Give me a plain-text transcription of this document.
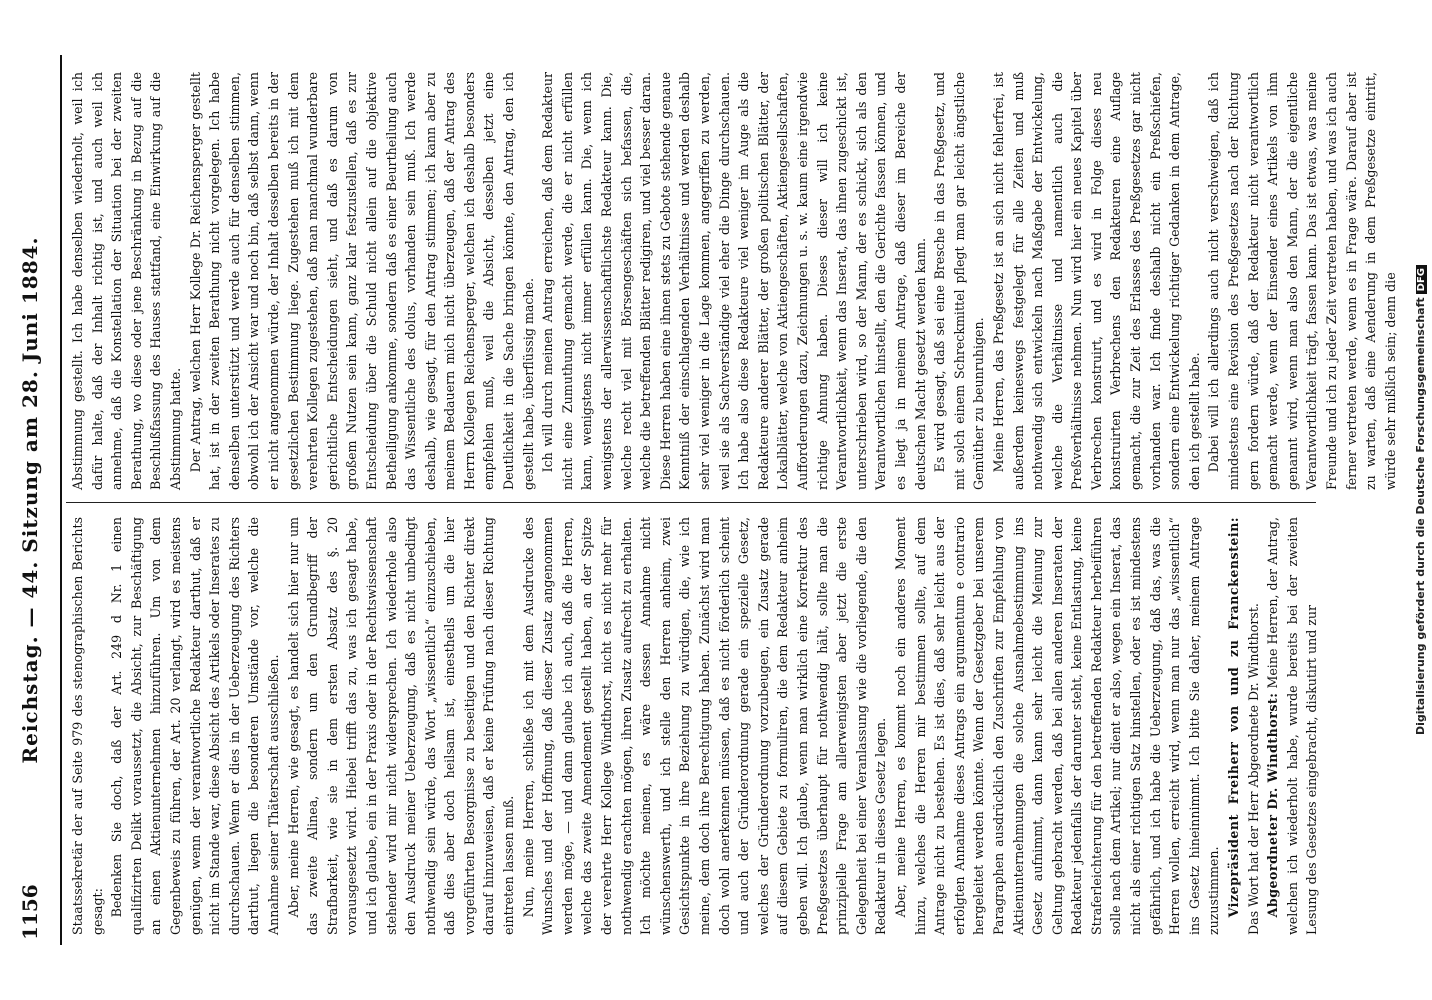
1156
Reichstag. — 44. Sitzung am 28. Juni 1884. Staatssekretär der auf Seite 979 des stenographischen Berichts gesagt: Bedenken Sie doch, daß der Art. 249 d Nr. 1 einen qualifizirten Delikt voraussetzt, die Absicht, zur Beschäftigung an einen Aktienunternehmen hinzuführen. Um von dem Gegenbeweis zu führen, der Art. 20 verlangt, wird es meistens genügen, wenn der verantwortliche Redakteur darthut, daß er nicht im Stande war, diese Absicht des Artikels oder Inserates zu durchschauen. Wenn er dies in der Ueberzeugung des Richters darthut, liegen die besonderen Umstände vor, welche die Annahme seiner Thäterschaft ausschließen. Aber, meine Herren, wie gesagt, es handelt sich hier nur um das zweite Alinea, sondern um den Grundbegriff der Strafbarkeit, wie sie in dem ersten Absatz des §. 20 vorausgesetzt wird. Hiebei trifft das zu, was ich gesagt habe, und ich glaube, ein in der Praxis oder in der Rechtswissenschaft stehender wird mir nicht widersprechen. Ich wiederhole also den Ausdruck meiner Ueberzeugung, daß es nicht unbedingt nothwendig sein würde, das Wort „wissentlich“ einzuschieben, daß dies aber doch heilsam ist, einestheils um die hier vorgeführten Besorgnisse zu beseitigen und den Richter direkt darauf hinzuweisen, daß er keine Prüfung nach dieser Richtung eintreten lassen muß. Nun, meine Herren, schließe ich mit dem Ausdrucke des Wunsches und der Hoffnung, daß dieser Zusatz angenommen werden möge, — und dann glaube ich auch, daß die Herren, welche das zweite Amendement gestellt haben, an der Spitze der verehrte Herr Kollege Windthorst, nicht es nicht mehr für nothwendig erachten mögen, ihren Zusatz aufrecht zu erhalten. Ich möchte meinen, es wäre dessen Annahme nicht wünschenswerth, und ich stelle den Herren anheim, zwei Gesichtspunkte in ihre Beziehung zu würdigen, die, wie ich meine, dem doch ihre Berechtigung haben. Zunächst wird man doch wohl anerkennen müssen, daß es nicht förderlich scheint und auch der Gründerordnung gerade ein spezielle Gesetz, welches der Gründerordnung vorzubeugen, ein Zusatz gerade auf diesem Gebiete zu formuliren, die dem Redakteur anheim geben will. Ich glaube, wenn man wirklich eine Korrektur des Preßgesetzes überhaupt für nothwendig hält, sollte man die prinzipielle Frage am allerwenigsten aber jetzt die erste Gelegenheit bei einer Veranlassung wie die vorliegende, die den Redakteur in dieses Gesetz legen. Aber, meine Herren, es kommt noch ein anderes Moment hinzu, welches die Herren mir bestimmen sollte, auf dem Antrage nicht zu bestehen. Es ist dies, daß sehr leicht aus der erfolgten Annahme dieses Antrags ein argumentum e contrario hergeleitet werden könnte. Wenn der Gesetzgeber bei unserem Paragraphen ausdrücklich den Zuschriften zur Empfehlung von Aktienunternehmungen die solche Ausnahmebestimmung ins Gesetz aufnimmt, dann kann sehr leicht die Meinung zur Geltung gebracht werden, daß bei allen anderen Inseraten der Redakteur jedenfalls der darunter steht, keine Entlastung, keine Straferleichterung für den betreffenden Redakteur herbeiführen solle nach dem Artikel; nur dient er also, wegen ein Inserat, das nicht als einer richtigen Satz hinstellen, oder es ist mindestens gefährlich, und ich habe die Ueberzeugung, daß das, was die Herren wollen, erreicht wird, wenn man nur das „wissentlich“ ins Gesetz hineinnimmt. Ich bitte Sie daher, meinem Antrage zuzustimmen. Vizepräsident Freiherr von und zu Franckenstein: Das Wort hat der Herr Abgeordnete Dr. Windthorst. Abgeordneter Dr. Windthorst: Meine Herren, der Antrag, welchen ich wiederholt habe, wurde bereits bei der zweiten Lesung des Gesetzes eingebracht, diskutirt und zur

Abstimmung gestellt. Ich habe denselben wiederholt, weil ich dafür halte, daß der Inhalt richtig ist, und auch weil ich annehme, daß die Konstellation der Situation bei der zweiten Berathung, wo diese oder jene Beschränkung in Bezug auf die Beschlußfassung des Hauses stattfand, eine Einwirkung auf die Abstimmung hatte. Der Antrag, welchen Herr Kollege Dr. Reichensperger gestellt hat, ist in der zweiten Berathung nicht vorgelegen. Ich habe denselben unterstützt und werde auch für denselben stimmen, obwohl ich der Ansicht war und noch bin, daß selbst dann, wenn er nicht angenommen würde, der Inhalt desselben bereits in der gesetzlichen Bestimmung liege. Zugestehen muß ich mit dem verehrten Kollegen zugestehen, daß man manchmal wunderbare gerichtliche Entscheidungen sieht, und daß es darum von großem Nutzen sein kann, ganz klar festzustellen, daß es zur Entscheidung über die Schuld nicht allein auf die objektive Betheiligung ankomme, sondern daß es einer Beurtheilung auch das Wissentliche des dolus, vorhanden sein muß. Ich werde deshalb, wie gesagt, für den Antrag stimmen; ich kann aber zu meinem Bedauern mich nicht überzeugen, daß der Antrag des Herrn Kollegen Reichensperger, welchen ich deshalb besonders empfehlen muß, weil die Absicht, desselben jetzt eine Deutlichkeit in die Sache bringen könnte, den Antrag, den ich gestellt habe, überflüssig mache. Ich will durch meinen Antrag erreichen, daß dem Redakteur nicht eine Zumuthung gemacht werde, die er nicht erfüllen kann, wenigstens nicht immer erfüllen kann. Die, wenn ich wenigstens der allerwissenschaftlichste Redakteur kann. Die, welche recht viel mit Börsengeschäften sich befassen, die, welche die betreffenden Blätter redigiren, und viel besser daran. Diese Herren haben eine ihnen stets zu Gebote stehende genaue Kenntniß der einschlagenden Verhältnisse und werden deshalb sehr viel weniger in die Lage kommen, angegriffen zu werden, weil sie als Sachverständige viel eher die Dinge durchschauen. Ich habe also diese Redakteure viel weniger im Auge als die Redakteure anderer Blätter, der großen politischen Blätter, der Lokalblätter, welche von Aktiengeschäften, Aktiengesellschaften, Aufforderungen dazu, Zeichnungen u. s. w. kaum eine irgendwie richtige Ahnung haben. Dieses dieser will ich keine Verantwortlichkeit, wenn das Inserat, das ihnen zugeschickt ist, unterschrieben wird, so der Mann, der es schickt, sich als den Verantwortlichen hinstellt, den die Gerichte fassen können, und es liegt ja in meinem Antrage, daß dieser im Bereiche der deutschen Macht gesetzt werden kann. Es wird gesagt, daß sei eine Bresche in das Preßgesetz, und mit solch einem Schreckmittel pflegt man gar leicht ängstliche Gemüther zu beunruhigen. Meine Herren, das Preßgesetz ist an sich nicht fehlerfrei, ist außerdem keineswegs festgelegt für alle Zeiten und muß nothwendig sich entwickeln nach Maßgabe der Entwickelung, welche die Verhältnisse und namentlich auch die Preßverhältnisse nehmen. Nun wird hier ein neues Kapitel über Verbrechen konstruirt, und es wird in Folge dieses neu konstruirten Verbrechens den Redakteuren eine Auflage gemacht, die zur Zeit des Erlasses des Preßgesetzes gar nicht vorhanden war. Ich finde deshalb nicht ein Preßschiefen, sondern eine Entwickelung richtiger Gedanken in dem Antrage, den ich gestellt habe. Dabei will ich allerdings auch nicht verschweigen, daß ich mindestens eine Revision des Preßgesetzes nach der Richtung gern fordern würde, daß der Redakteur nicht verantwortlich gemacht werde, wenn der Einsender eines Artikels von ihm genannt wird, wenn man also den Mann, der die eigentliche Verantwortlichkeit trägt, fassen kann. Das ist etwas, was meine Freunde und ich zu jeder Zeit vertreten haben, und was ich auch ferner vertreten werde, wenn es in Frage wäre. Darauf aber ist zu warten, daß eine Aenderung in dem Preßgesetze eintritt, würde sehr mißlich sein; denn die Digitalisierung gefördert durch die Deutsche ForschungsgemeinschaftDFG
